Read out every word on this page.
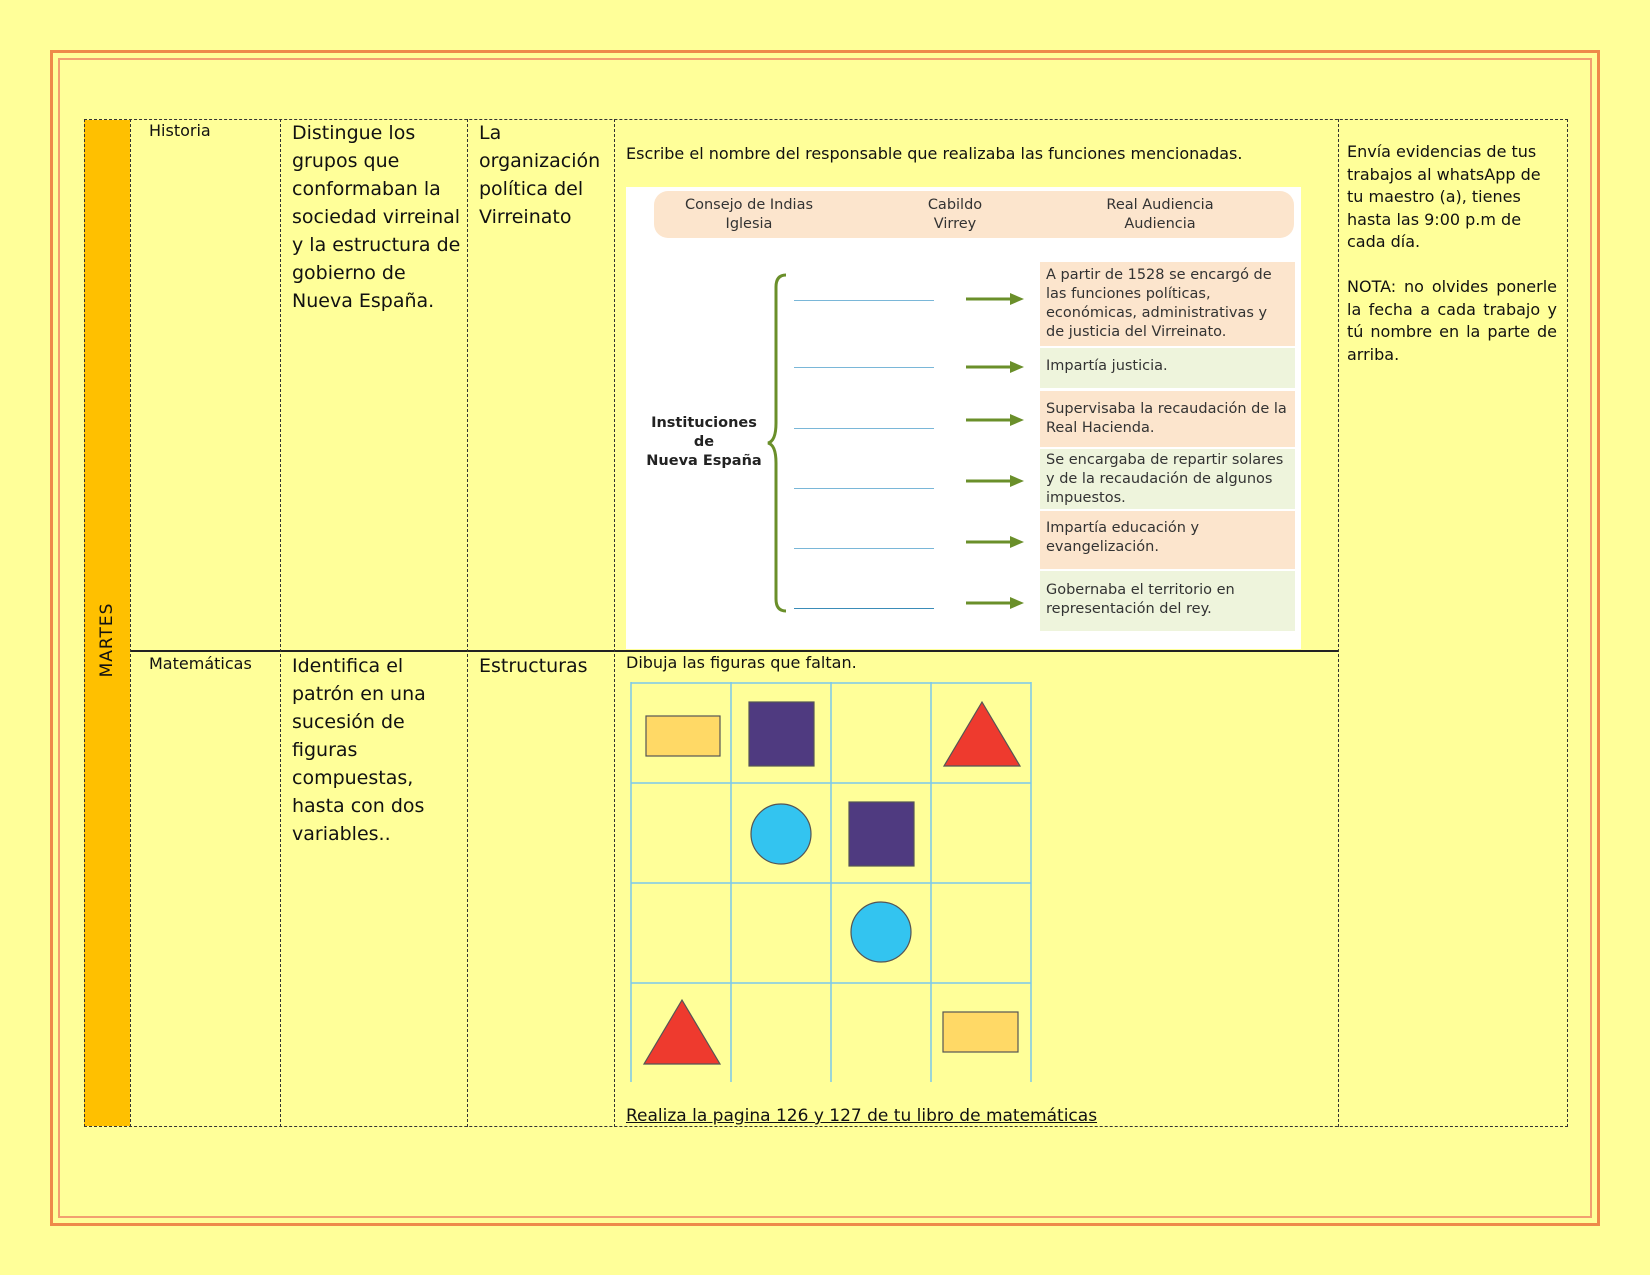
MARTES
Historia	Distingue los grupos que conformaban la sociedad virreinal y la estructura de gobierno de Nueva España.
La organización política del Virreinato
Escribe el nombre del responsable que realizaba las funciones mencionadas.
Consejo de Indias
Iglesia
Cabildo
Virrey
Real Audiencia
Audiencia
Instituciones
de
Nueva España
A partir de 1528 se encargó de las funciones políticas, económicas, administrativas y de justicia del Virreinato.
Impartía justicia.
Supervisaba la recaudación de la Real Hacienda.
Se encargaba de repartir solares y de la recaudación de algunos impuestos.
Impartía educación y evangelización.
Gobernaba el territorio en representación del rey.
Matemáticas Identifica el patrón en una sucesión de figuras compuestas, hasta con dos variables..
Estructuras	Dibuja las figuras que faltan.
Realiza la pagina 126 y 127 de tu libro de matemáticas

Envía evidencias de tus trabajos al whatsApp de tu maestro (a), tienes hasta las 9:00 p.m de cada día.

NOTA: no olvides ponerle la fecha a cada trabajo y tú nombre en la parte de arriba.
